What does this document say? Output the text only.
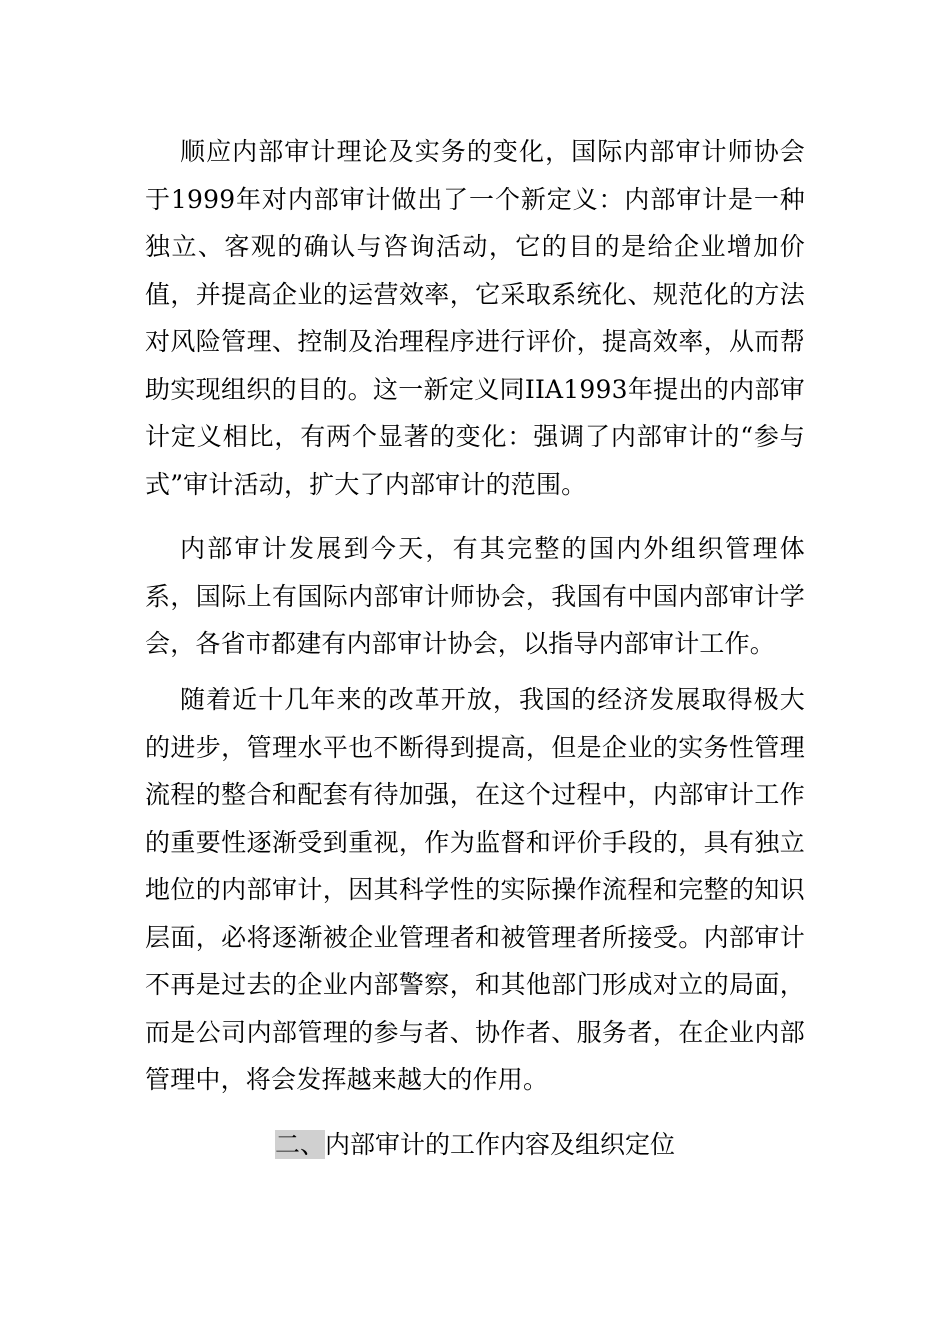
顺应内部审计理论及实务的变化，国际内部审计师协会于1999年对内部审计做出了一个新定义：内部审计是一种独立、客观的确认与咨询活动，它的目的是给企业增加价值，并提高企业的运营效率，它采取系统化、规范化的方法对风险管理、控制及治理程序进行评价，提高效率，从而帮助实现组织的目的。这一新定义同IIA1993年提出的内部审计定义相比，有两个显著的变化：强调了内部审计的“参与式”审计活动，扩大了内部审计的范围。

内部审计发展到今天，有其完整的国内外组织管理体系，国际上有国际内部审计师协会，我国有中国内部审计学会，各省市都建有内部审计协会，以指导内部审计工作。

随着近十几年来的改革开放，我国的经济发展取得极大的进步，管理水平也不断得到提高，但是企业的实务性管理流程的整合和配套有待加强，在这个过程中，内部审计工作的重要性逐渐受到重视，作为监督和评价手段的，具有独立地位的内部审计，因其科学性的实际操作流程和完整的知识层面，必将逐渐被企业管理者和被管理者所接受。内部审计不再是过去的企业内部警察，和其他部门形成对立的局面，而是公司内部管理的参与者、协作者、服务者，在企业内部管理中，将会发挥越来越大的作用。

二、内部审计的工作内容及组织定位
